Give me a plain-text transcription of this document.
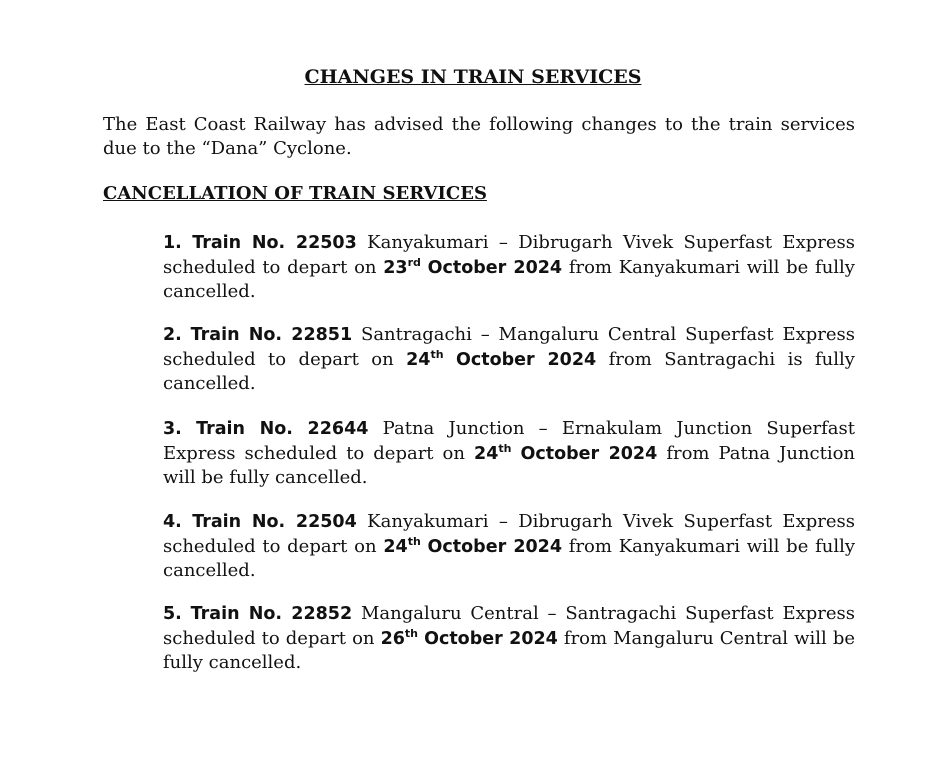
CHANGES IN TRAIN SERVICES
The East Coast Railway has advised the following changes to the train services due to the “Dana” Cyclone.
CANCELLATION OF TRAIN SERVICES
1. Train No. 22503 Kanyakumari – Dibrugarh Vivek Superfast Express scheduled to depart on 23rd October 2024 from Kanyakumari will be fully cancelled.
2. Train No. 22851 Santragachi – Mangaluru Central Superfast Express scheduled to depart on 24th October 2024 from Santragachi is fully cancelled.
3. Train No. 22644 Patna Junction – Ernakulam Junction Superfast Express scheduled to depart on 24th October 2024 from Patna Junction will be fully cancelled.
4. Train No. 22504 Kanyakumari – Dibrugarh Vivek Superfast Express scheduled to depart on 24th October 2024 from Kanyakumari will be fully cancelled.
5. Train No. 22852 Mangaluru Central – Santragachi Superfast Express scheduled to depart on 26th October 2024 from Mangaluru Central will be fully cancelled.
